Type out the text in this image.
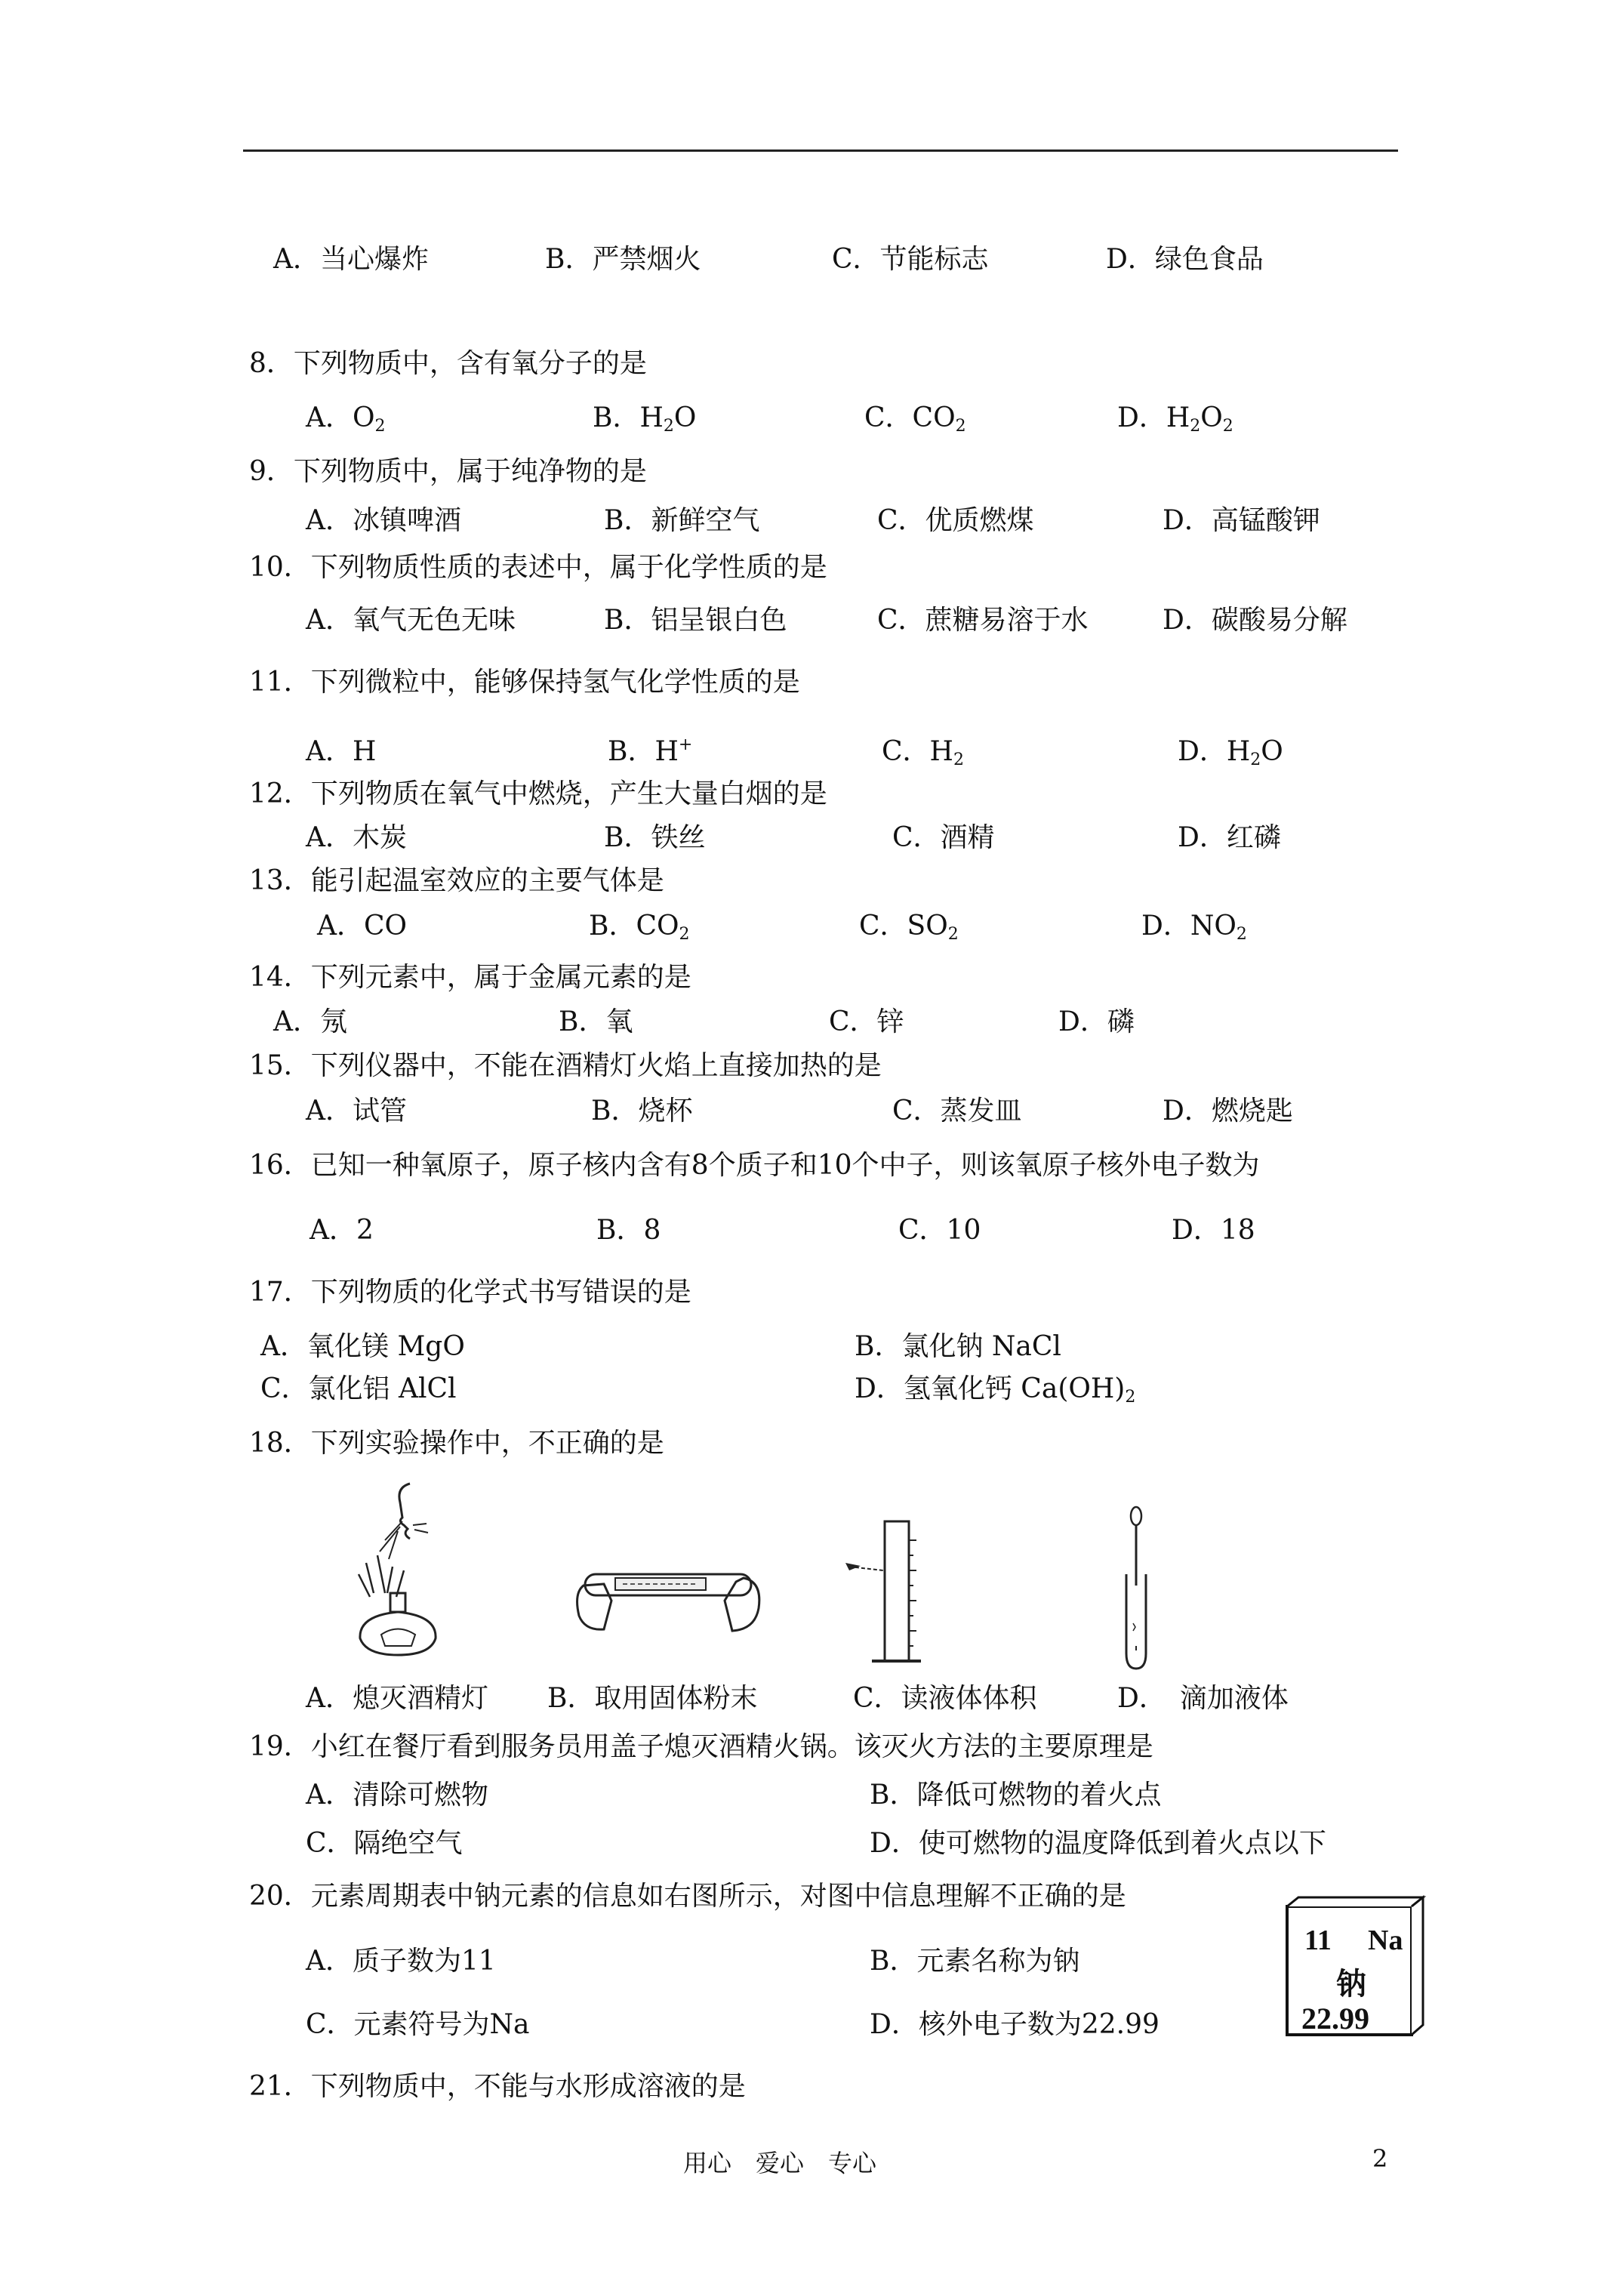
A．当心爆炸	B．严禁烟火	C．节能标志	D．绿色食品
8．下列物质中，含有氧分子的是
A．$O_2$	B．$H_2O$	C．$CO_2$	D．$H_2O_2$
9．下列物质中，属于纯净物的是
A．冰镇啤酒	B．新鲜空气	C．优质燃煤	D．高锰酸钾
10．下列物质性质的表述中，属于化学性质的是
A．氧气无色无味	B．铝呈银白色	C．蔗糖易溶于水	D．碳酸易分解
11．下列微粒中，能够保持氢气化学性质的是
A．H	B．H+	C．$H_2$	D．$H_2O$
12．下列物质在氧气中燃烧，产生大量白烟的是
A．木炭	B．铁丝	C．酒精	D．红磷
13．能引起温室效应的主要气体是
A．CO	B．$CO_2$	C．$SO_2$	D．$NO_2$
14．下列元素中，属于金属元素的是
A．氖	B．氧	C．锌	D．磷
15．下列仪器中，不能在酒精灯火焰上直接加热的是
A．试管	B．烧杯	C．蒸发皿	D．燃烧匙
16．已知一种氧原子，原子核内含有8个质子和10个中子，则该氧原子核外电子数为
A．2	B．8	C．10	D．18
17．下列物质的化学式书写错误的是
A．氧化镁 MgO	B．氯化钠 NaCl
C．氯化铝 AlCl	D．氢氧化钙 $Ca(OH)_2$
18．下列实验操作中，不正确的是
A．熄灭酒精灯 B．取用固体粉末	C．读液体体积	D．　滴加液体
19．小红在餐厅看到服务员用盖子熄灭酒精火锅。该灭火方法的主要原理是
A．清除可燃物	B．降低可燃物的着火点
C．隔绝空气	D．使可燃物的温度降低到着火点以下
20．元素周期表中钠元素的信息如右图所示，对图中信息理解不正确的是
A．质子数为11	B．元素名称为钠
C．元素符号为Na	D．核外电子数为22.99
11 Na
钠
22.99
21．下列物质中，不能与水形成溶液的是
用心　爱心　专心	2
